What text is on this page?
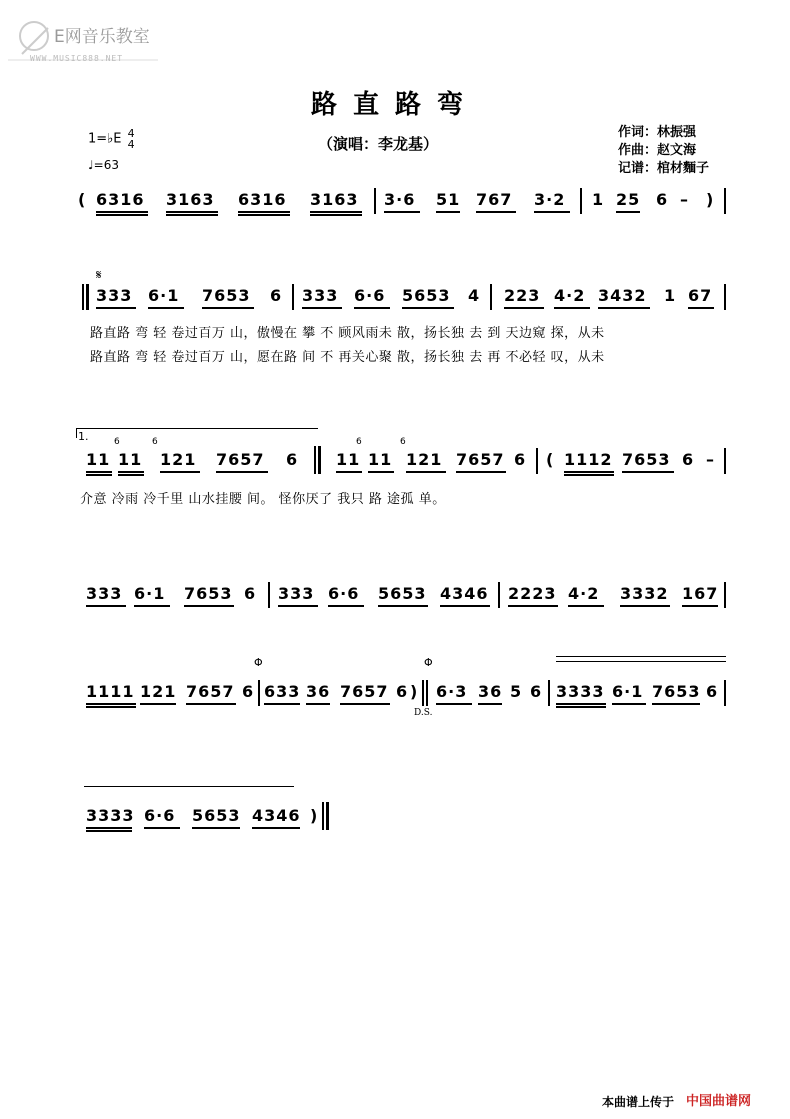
E网音乐教室
WWW.MUSIC888.NET
路直路弯
（演唱：李龙基）
作词：林振强
作曲：赵文海
记谱：棺材麵子
1=♭E 4
4
♩=63
( 6316 3163 6316 3163 3·6 51 767 3·2 1 25 6 – )
𝄋
333 6·1 7653 6 333 6·6 5653 4 223 4·2 3432 1 67
路直路 弯 轻 卷过百万 山，傲慢在 攀 不 顾风雨未 散，扬长独 去 到 天边窥 探，从未
路直路 弯 轻 卷过百万 山，愿在路 间 不 再关心聚 散，扬长独 去 再 不必轻 叹，从未
1.	6	6	6	6
11 11 121 7657 6 11 11 121 7657 6 ( 1112 7653 6 –
介意 冷雨 冷千里 山水挂腰 间。 怪你厌了 我只 路 途孤 单。
333 6·1 7653 6 333 6·6 5653 4346 2223 4·2 3332 167
Φ	Φ
1111 121 7657 6 633 36 7657 6 ) 6·3 36 5 6 3333 6·1 7653 6
D.S.
3333 6·6 5653 4346 )
本曲谱上传于 中国曲谱网
